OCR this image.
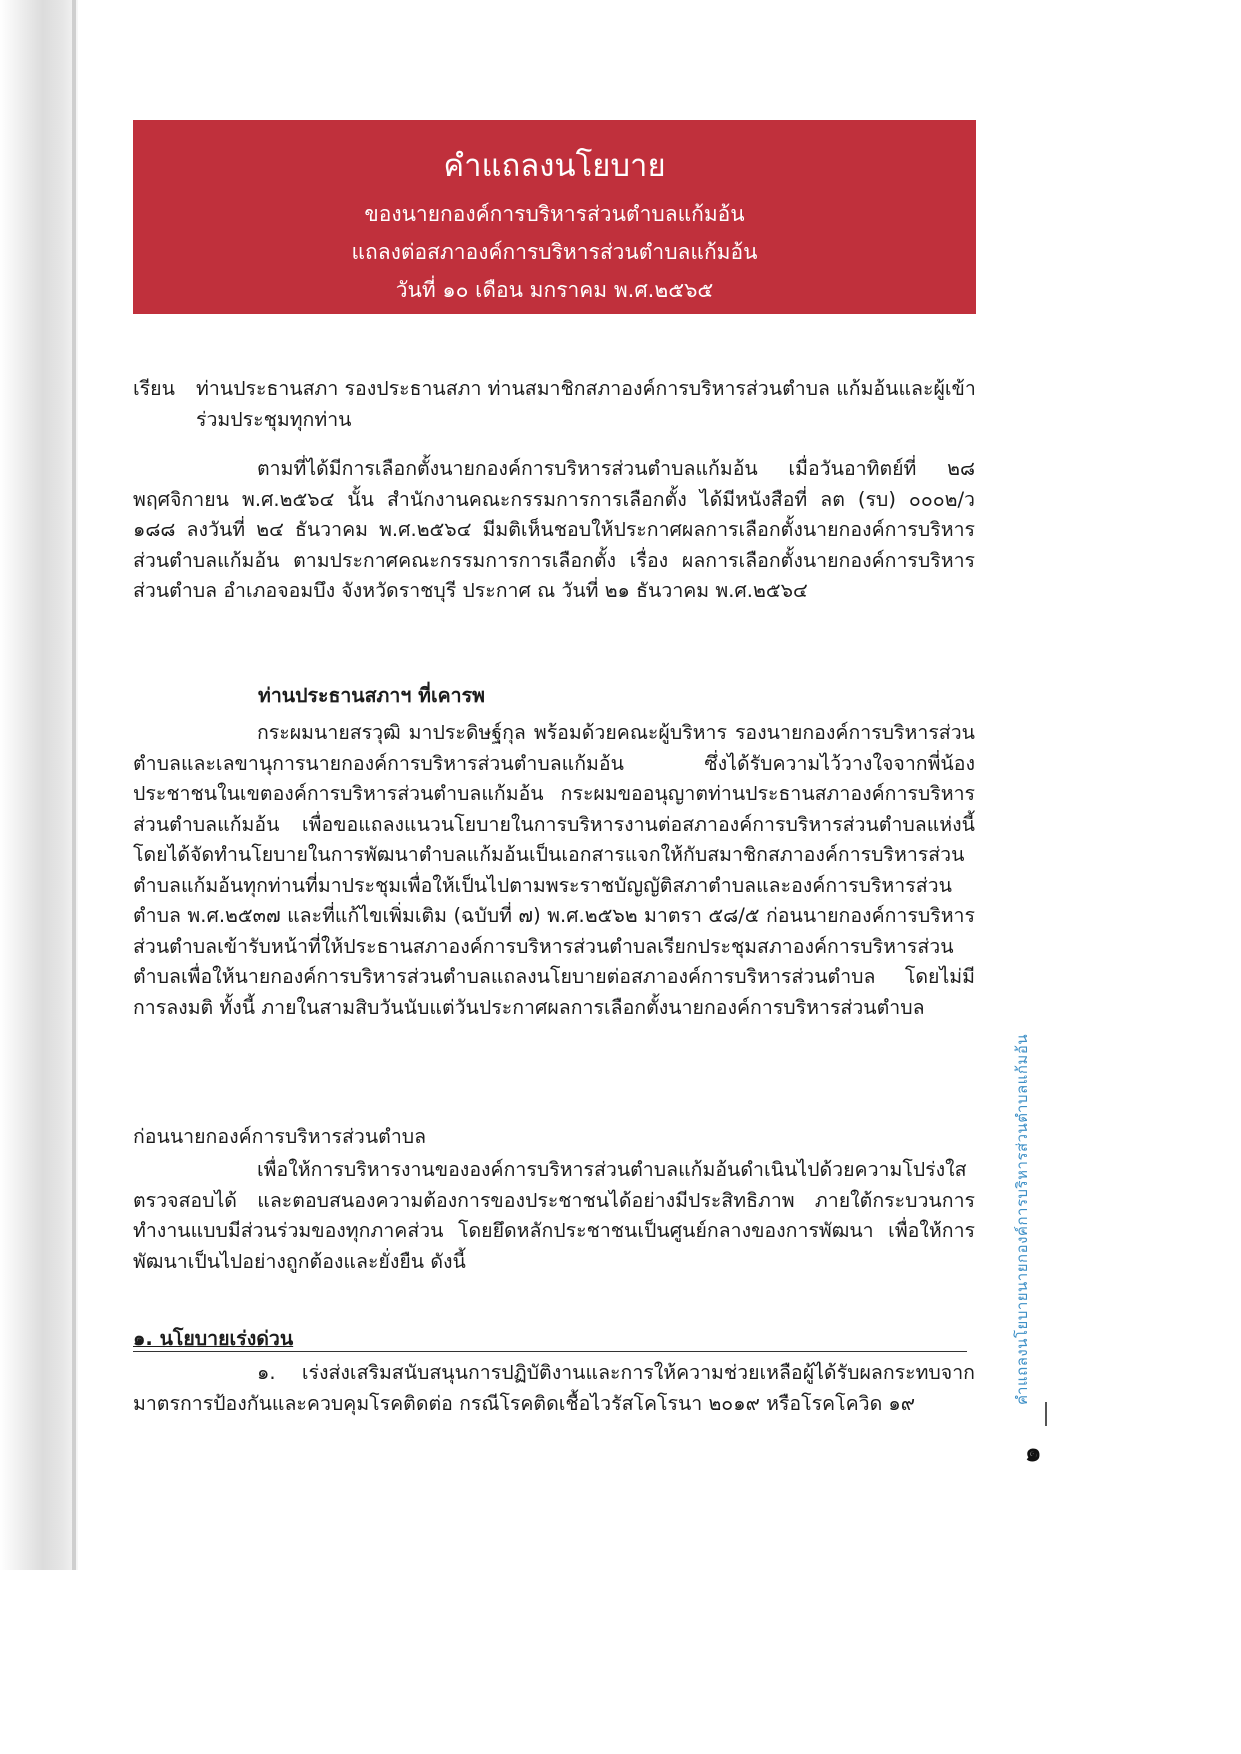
คำแถลงนโยบาย
ของนายกองค์การบริหารส่วนตำบลแก้มอ้น
แถลงต่อสภาองค์การบริหารส่วนตำบลแก้มอ้น
วันที่ ๑๐ เดือน มกราคม พ.ศ.๒๕๖๕
เรียน ท่านประธานสภา รองประธานสภา ท่านสมาชิกสภาองค์การบริหารส่วนตำบล แก้มอ้นและผู้เข้าร่วมประชุมทุกท่าน
ตามที่ได้มีการเลือกตั้งนายกองค์การบริหารส่วนตำบลแก้มอ้น เมื่อวันอาทิตย์ที่ ๒๘ พฤศจิกายน พ.ศ.๒๕๖๔ นั้น สำนักงานคณะกรรมการการเลือกตั้ง ได้มีหนังสือที่ ลต (รบ) ๐๐๐๒/ว ๑๘๘ ลงวันที่ ๒๔ ธันวาคม พ.ศ.๒๕๖๔ มีมติเห็นชอบให้ประกาศผลการเลือกตั้งนายกองค์การบริหารส่วนตำบลแก้มอ้น ตามประกาศคณะกรรมการการเลือกตั้ง เรื่อง ผลการเลือกตั้งนายกองค์การบริหารส่วนตำบล อำเภอจอมบึง จังหวัดราชบุรี ประกาศ ณ วันที่ ๒๑ ธันวาคม พ.ศ.๒๕๖๔
ท่านประธานสภาฯ ที่เคารพ
กระผมนายสรวุฒิ มาประดิษฐ์กุล พร้อมด้วยคณะผู้บริหาร รองนายกองค์การบริหารส่วนตำบลและเลขานุการนายกองค์การบริหารส่วนตำบลแก้มอ้น ซึ่งได้รับความไว้วางใจจากพี่น้องประชาชนในเขตองค์การบริหารส่วนตำบลแก้มอ้น กระผมขออนุญาตท่านประธานสภาองค์การบริหารส่วนตำบลแก้มอ้น เพื่อขอแถลงแนวนโยบายในการบริหารงานต่อสภาองค์การบริหารส่วนตำบลแห่งนี้ โดยได้จัดทำนโยบายในการพัฒนาตำบลแก้มอ้นเป็นเอกสารแจกให้กับสมาชิกสภาองค์การบริหารส่วนตำบลแก้มอ้นทุกท่านที่มาประชุมเพื่อให้เป็นไปตามพระราชบัญญัติสภาตำบลและองค์การบริหารส่วนตำบล พ.ศ.๒๕๓๗ และที่แก้ไขเพิ่มเติม (ฉบับที่ ๗) พ.ศ.๒๕๖๒ มาตรา ๕๘/๕ ก่อนนายกองค์การบริหารส่วนตำบลเข้ารับหน้าที่ให้ประธานสภาองค์การบริหารส่วนตำบลเรียกประชุมสภาองค์การบริหารส่วนตำบลเพื่อให้นายกองค์การบริหารส่วนตำบลแถลงนโยบายต่อสภาองค์การบริหารส่วนตำบล โดยไม่มีการลงมติ ทั้งนี้ ภายในสามสิบวันนับแต่วันประกาศผลการเลือกตั้งนายกองค์การบริหารส่วนตำบล
ก่อนนายกองค์การบริหารส่วนตำบล
เพื่อให้การบริหารงานขององค์การบริหารส่วนตำบลแก้มอ้นดำเนินไปด้วยความโปร่งใส ตรวจสอบได้ และตอบสนองความต้องการของประชาชนได้อย่างมีประสิทธิภาพ ภายใต้กระบวนการทำงานแบบมีส่วนร่วมของทุกภาคส่วน โดยยึดหลักประชาชนเป็นศูนย์กลางของการพัฒนา เพื่อให้การพัฒนาเป็นไปอย่างถูกต้องและยั่งยืน ดังนี้
๑. นโยบายเร่งด่วน
๑. เร่งส่งเสริมสนับสนุนการปฏิบัติงานและการให้ความช่วยเหลือผู้ได้รับผลกระทบจากมาตรการป้องกันและควบคุมโรคติดต่อ กรณีโรคติดเชื้อไวรัสโคโรนา ๒๐๑๙ หรือโรคโควิด ๑๙	คำแถลงนโยบายนายกองค์การบริหารส่วนตำบลแก้มอ้น
๑
